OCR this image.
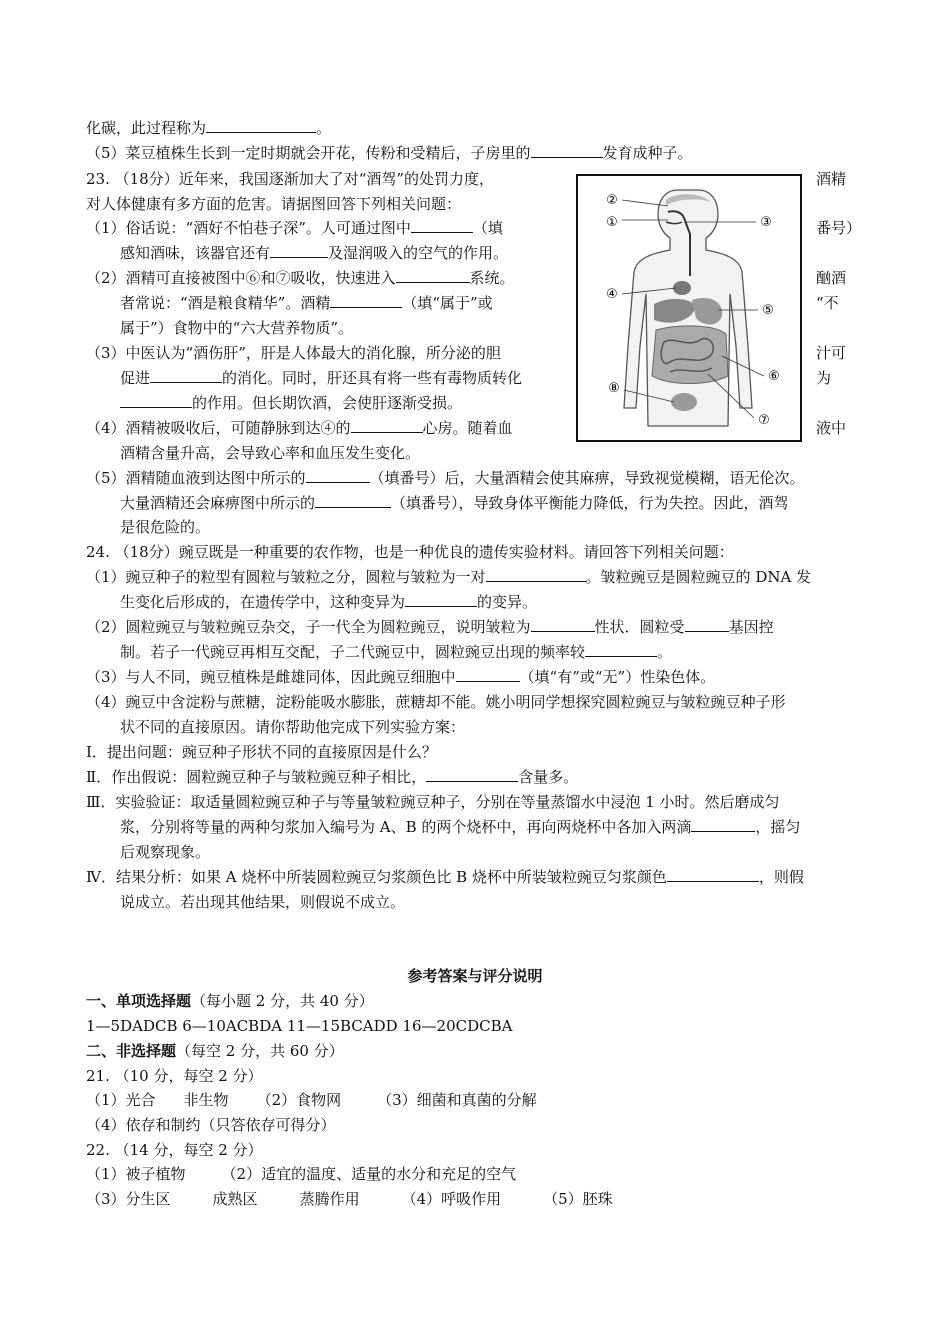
化碳，此过程称为	。
（5）菜豆植株生长到一定时期就会开花，传粉和受精后，子房里的	发育成种子。
23. （18分）近年来，我国逐渐加大了对“酒驾”的处罚力度，	酒精
对人体健康有多方面的危害。请据图回答下列相关问题：
（1）俗话说：“酒好不怕巷子深”。人可通过图中	（填	番号）
感知酒味，该器官还有	及湿润吸入的空气的作用。
（2）酒精可直接被图中⑥和⑦吸收，快速进入	系统。	酗酒
者常说：“酒是粮食精华”。酒精	（填“属于”或	“不
属于”）食物中的“六大营养物质”。
（3）中医认为“酒伤肝”，肝是人体最大的消化腺，所分泌的胆	汁可
促进	的消化。同时，肝还具有将一些有毒物质转化	为
的作用。但长期饮酒，会使肝逐渐受损。
（4）酒精被吸收后，可随静脉到达④的	心房。随着血	液中
酒精含量升高，会导致心率和血压发生变化。
（5）酒精随血液到达图中所示的	（填番号）后，大量酒精会使其麻痹，导致视觉模糊，语无伦次。
大量酒精还会麻痹图中所示的	（填番号），导致身体平衡能力降低，行为失控。因此，酒驾
是很危险的。
①
②
③
④
⑤
⑥
⑦
⑧
24. （18分）豌豆既是一种重要的农作物，也是一种优良的遗传实验材料。请回答下列相关问题：
（1）豌豆种子的粒型有圆粒与皱粒之分，圆粒与皱粒为一对	。皱粒豌豆是圆粒豌豆的 DNA 发
生变化后形成的，在遗传学中，这种变异为	的变异。
（2）圆粒豌豆与皱粒豌豆杂交，子一代全为圆粒豌豆，说明皱粒为	性状．圆粒受	基因控
制。若子一代豌豆再相互交配，子二代豌豆中，圆粒豌豆出现的频率较	。
（3）与人不同，豌豆植株是雌雄同体，因此豌豆细胞中	（填“有”或“无”）性染色体。
（4）豌豆中含淀粉与蔗糖，淀粉能吸水膨胀，蔗糖却不能。姚小明同学想探究圆粒豌豆与皱粒豌豆种子形
状不同的直接原因。请你帮助他完成下列实验方案：
Ⅰ．提出问题：豌豆种子形状不同的直接原因是什么？
Ⅱ．作出假说：圆粒豌豆种子与皱粒豌豆种子相比，	含量多。
Ⅲ．实验验证：取适量圆粒豌豆种子与等量皱粒豌豆种子，分别在等量蒸馏水中浸泡 1 小时。然后磨成匀
浆，分别将等量的两种匀浆加入编号为 A、B 的两个烧杯中，再向两烧杯中各加入两滴	，摇匀
后观察现象。
Ⅳ．结果分析：如果 A 烧杯中所装圆粒豌豆匀浆颜色比 B 烧杯中所装皱粒豌豆匀浆颜色	，则假
说成立。若出现其他结果，则假说不成立。
参考答案与评分说明
一、单项选择题（每小题 2 分，共 40 分）
1—5DADCB 6—10ACBDA 11—15BCADD 16—20CDCBA
二、非选择题（每空 2 分，共 60 分）
21. （10 分，每空 2 分）
（1）光合 非生物 （2）食物网 （3）细菌和真菌的分解
（4）依存和制约（只答依存可得分）
22. （14 分，每空 2 分）
（1）被子植物 （2）适宜的温度、适量的水分和充足的空气
（3）分生区	成熟区	蒸腾作用	（4）呼吸作用	（5）胚珠
